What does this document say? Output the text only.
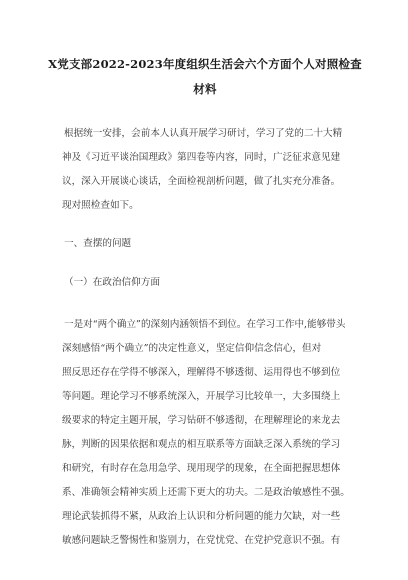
X党支部2022-2023年度组织生活会六个方面个人对照检查
材料
根据统一安排，会前本人认真开展学习研讨，学习了党的二十大精
神及《习近平谈治国理政》第四卷等内容，同时，广泛征求意见建
议，深入开展谈心谈话，全面检视剖析问题，做了扎实充分准备。
现对照检查如下。
一、查摆的问题
（一）在政治信仰方面
一是对“两个确立”的深刻内涵领悟不到位。在学习工作中,能够带头
深刻感悟“两个确立”的决定性意义，坚定信仰信念信心，但对
照反思还存在学得不够深入，理解得不够透彻、运用得也不够到位
等问题。理论学习不够系统深入，开展学习比较单一，大多围绕上
级要求的特定主题开展，学习钻研不够透彻，在理解理论的来龙去
脉，判断的因果依据和观点的相互联系等方面缺乏深入系统的学习
和研究，有时存在急用急学、现用现学的现象，在全面把握思想体
系、准确领会精神实质上还需下更大的功夫。二是政治敏感性不强。
理论武装抓得不紧，从政治上认识和分析问题的能力欠缺，对一些
敏感问题缺乏警惕性和鉴别力，在党忧党、在党护党意识不强。有
